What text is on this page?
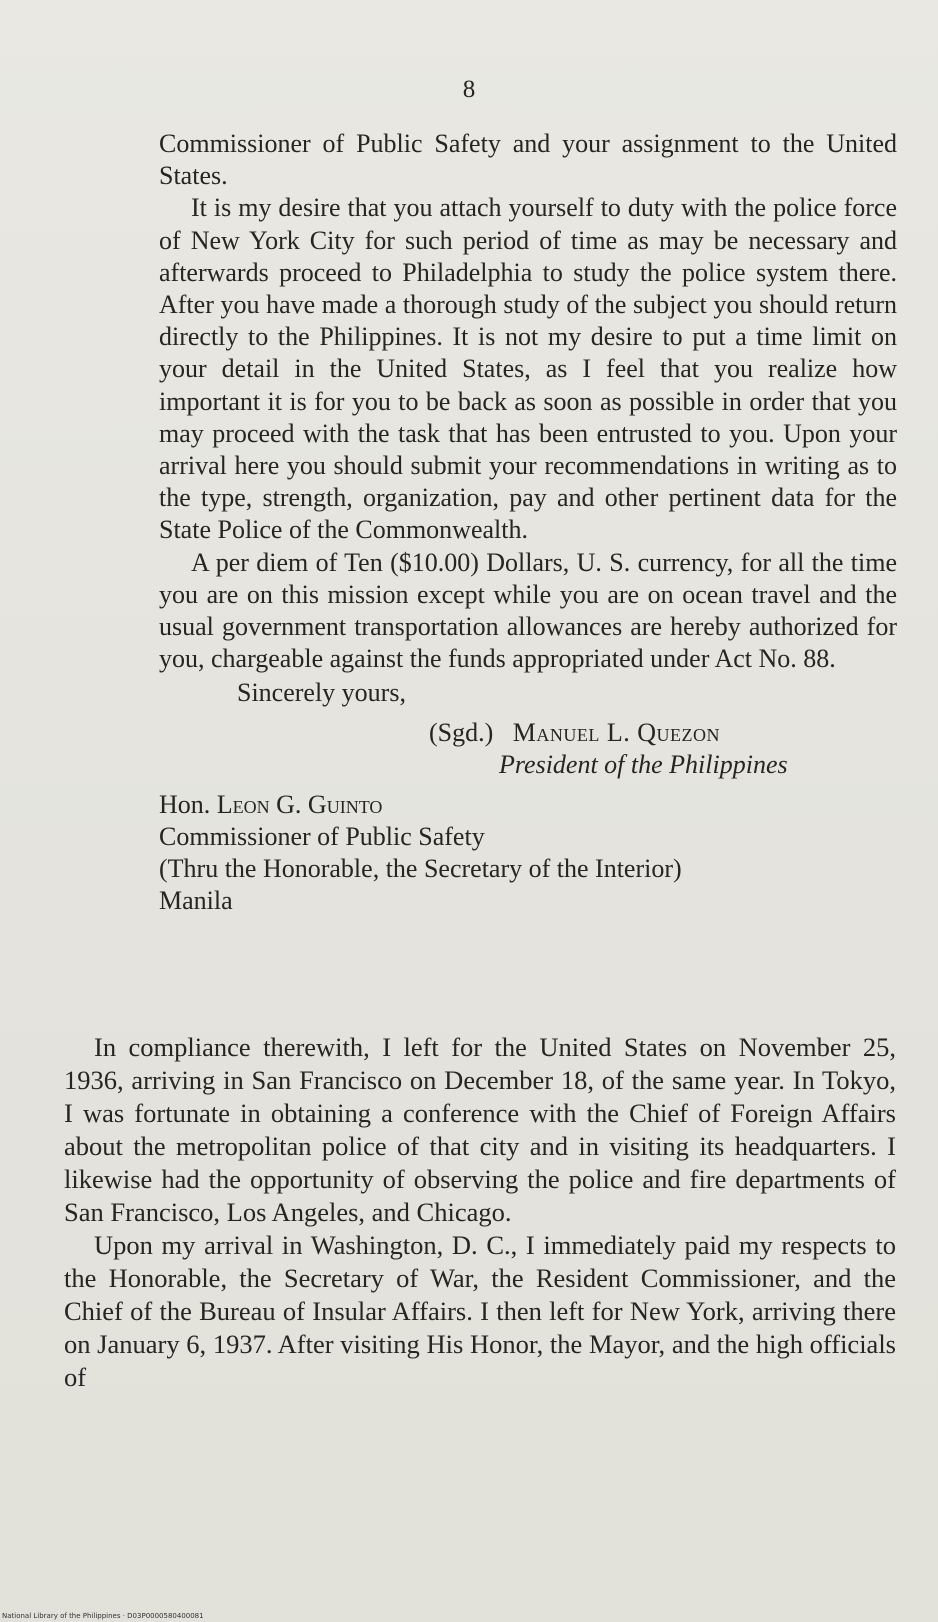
8

Commissioner of Public Safety and your assignment to the United States.

It is my desire that you attach yourself to duty with the police force of New York City for such period of time as may be necessary and afterwards proceed to Philadelphia to study the police system there. After you have made a thorough study of the subject you should return directly to the Philippines. It is not my desire to put a time limit on your detail in the United States, as I feel that you realize how important it is for you to be back as soon as possible in order that you may proceed with the task that has been entrusted to you. Upon your arrival here you should submit your recommendations in writing as to the type, strength, organization, pay and other pertinent data for the State Police of the Commonwealth.

A per diem of Ten ($10.00) Dollars, U. S. currency, for all the time you are on this mission except while you are on ocean travel and the usual government transportation allowances are hereby authorized for you, chargeable against the funds appropriated under Act No. 88.

Sincerely yours,
(Sgd.) Manuel L. Quezon
President of the Philippines
Hon. Leon G. Guinto
Commissioner of Public Safety
(Thru the Honorable, the Secretary of the Interior)
Manila

In compliance therewith, I left for the United States on November 25, 1936, arriving in San Francisco on December 18, of the same year. In Tokyo, I was fortunate in obtaining a conference with the Chief of Foreign Affairs about the metropolitan police of that city and in visiting its headquarters. I likewise had the opportunity of observing the police and fire departments of San Francisco, Los Angeles, and Chicago.

Upon my arrival in Washington, D. C., I immediately paid my respects to the Honorable, the Secretary of War, the Resident Commissioner, and the Chief of the Bureau of Insular Affairs. I then left for New York, arriving there on January 6, 1937. After visiting His Honor, the Mayor, and the high officials of

National Library of the Philippines · D03P0000580400081
